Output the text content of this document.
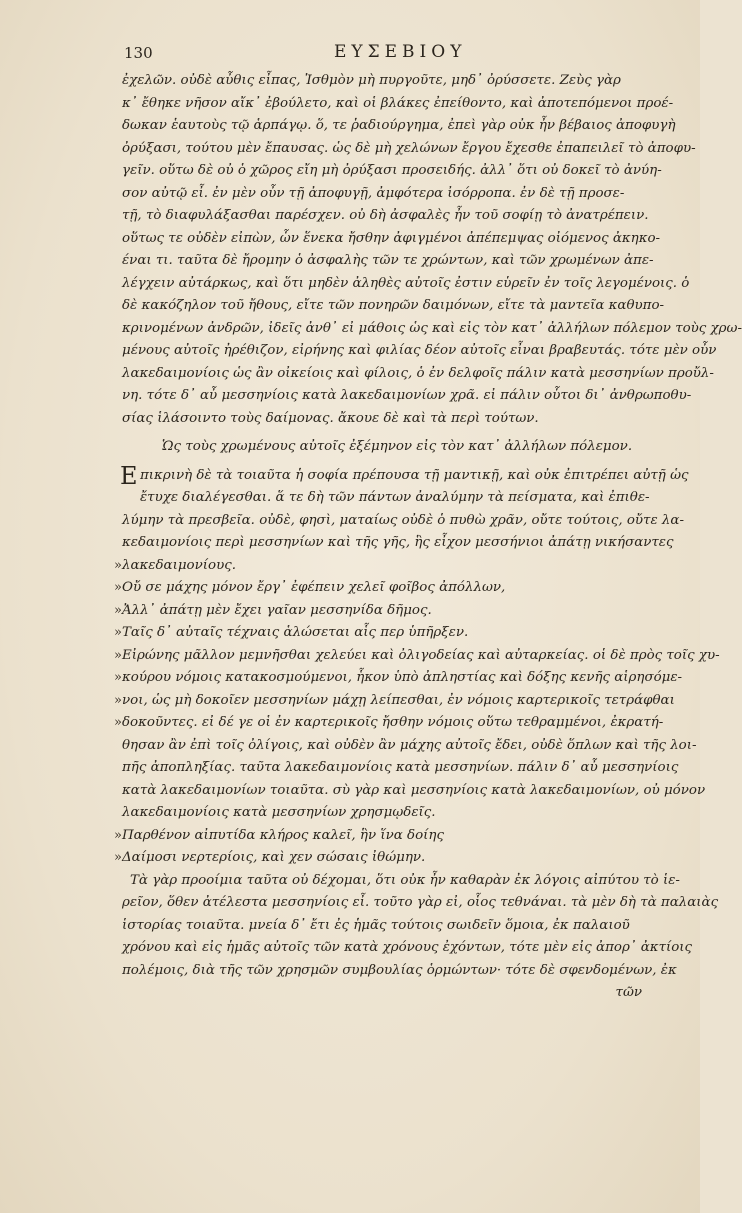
130	ΕΥΣΕΒΙΟΥ
ἐχελῶν. οὐδὲ αὖθις εἶπας, Ἰσθμὸν μὴ πυργοῦτε, μηδ᾽ ὀρύσσετε. Ζεὺς γὰρ
κ᾽ ἔθηκε νῆσον αἴκ᾽ ἐβούλετο, καὶ οἱ βλάκες ἐπείθοντο, καὶ ἀποτεπόμενοι προέ-
δωκαν ἑαυτοὺς τῷ ἁρπάγῳ. ὅ, τε ῥαδιούργημα, ἐπεὶ γὰρ οὐκ ἦν βέβαιος ἀποφυγὴ
ὀρύξασι, τούτου μὲν ἔπαυσας. ὡς δὲ μὴ χελώνων ἔργου ἔχεσθε ἐπαπειλεῖ τὸ ἀποφυ-
γεῖν. οὕτω δὲ οὐ ὁ χῶρος εἴη μὴ ὀρύξασι προσειδής. ἀλλ᾽ ὅτι οὐ δοκεῖ τὸ ἀνύη-
σον αὐτῷ εἶ. ἐν μὲν οὖν τῇ ἀποφυγῇ, ἀμφότερα ἰσόρροπα. ἐν δὲ τῇ προσε-
τῇ, τὸ διαφυλάξασθαι παρέσχεν. οὐ δὴ ἀσφαλὲς ἦν τοῦ σοφίῃ τὸ ἀνατρέπειν.
οὕτως τε οὐδὲν εἰπὼν, ὧν ἕνεκα ἤσθην ἀφιγμένοι ἀπέπεμψας οἰόμενος ἀκηκο-
έναι τι. ταῦτα δὲ ἤρομην ὁ ἀσφαλὴς τῶν τε χρώντων, καὶ τῶν χρωμένων ἀπε-
λέγχειν αὐτάρκως, καὶ ὅτι μηδὲν ἀληθὲς αὐτοῖς ἐστιν εὑρεῖν ἐν τοῖς λεγομένοις. ὁ
δὲ κακόζηλον τοῦ ἤθους, εἴτε τῶν πονηρῶν δαιμόνων, εἴτε τὰ μαντεῖα καθυπο-
κρινομένων ἀνδρῶν, ἰδεῖς ἀνθ᾽ εἰ μάθοις ὡς καὶ εἰς τὸν κατ᾽ ἀλλήλων πόλεμον τοὺς χρω-
μένους αὐτοῖς ἠρέθιζον, εἰρήνης καὶ φιλίας δέον αὐτοῖς εἶναι βραβευτάς. τότε μὲν οὖν
λακεδαιμονίοις ὡς ἂν οἰκείοις καὶ φίλοις, ὁ ἐν δελφοῖς πάλιν κατὰ μεσσηνίων προὔλ-
νη. τότε δ᾽ αὖ μεσσηνίοις κατὰ λακεδαιμονίων χρᾶ. εἰ πάλιν οὗτοι δι᾽ ἀνθρωποθυ-
σίας ἱλάσοιντο τοὺς δαίμονας. ἄκουε δὲ καὶ τὰ περὶ τούτων.
Ὡς τοὺς χρωμένους αὐτοῖς ἐξέμηνον εἰς τὸν κατ᾽ ἀλλήλων πόλεμον.
Ε πικρινὴ δὲ τὰ τοιαῦτα ἡ σοφία πρέπουσα τῇ μαντικῇ, καὶ οὐκ ἐπιτρέπει αὐτῇ ὡς
ἔτυχε διαλέγεσθαι. ἅ τε δὴ τῶν πάντων ἀναλύμην τὰ πείσματα, καὶ ἐπιθε-
λύμην τὰ πρεσβεῖα. οὐδὲ, φησὶ, ματαίως οὐδὲ ὁ πυθὼ χρᾶν, οὔτε τούτοις, οὔτε λα-
κεδαιμονίοις περὶ μεσσηνίων καὶ τῆς γῆς, ἣς εἶχον μεσσήνιοι ἀπάτῃ νικήσαντες
» λακεδαιμονίους.
» Οὔ σε μάχης μόνον ἔργ᾽ ἐφέπειν χελεῖ φοῖβος ἀπόλλων,
» Ἀλλ᾽ ἀπάτῃ μὲν ἔχει γαῖαν μεσσηνίδα δῆμος.
» Ταῖς δ᾽ αὐταῖς τέχναις ἁλώσεται αἷς περ ὑπῆρξεν.
» Εἰρώνης μᾶλλον μεμνῆσθαι χελεύει καὶ ὀλιγοδείας καὶ αὐταρκείας. οἱ δὲ πρὸς τοῖς χυ-
» κούρου νόμοις κατακοσμούμενοι, ἧκον ὑπὸ ἀπληστίας καὶ δόξης κενῆς αἱρησόμε-
» νοι, ὡς μὴ δοκοῖεν μεσσηνίων μάχῃ λείπεσθαι, ἐν νόμοις καρτερικοῖς τετράφθαι
» δοκοῦντες. εἰ δέ γε οἱ ἐν καρτερικοῖς ἤσθην νόμοις οὕτω τεθραμμένοι, ἐκρατή-
θησαν ἂν ἐπὶ τοῖς ὀλίγοις, καὶ οὐδὲν ἂν μάχης αὐτοῖς ἔδει, οὐδὲ ὅπλων καὶ τῆς λοι-
πῆς ἀποπληξίας. ταῦτα λακεδαιμονίοις κατὰ μεσσηνίων. πάλιν δ᾽ αὖ μεσσηνίοις
κατὰ λακεδαιμονίων τοιαῦτα. σὺ γὰρ καὶ μεσσηνίοις κατὰ λακεδαιμονίων, οὐ μόνον
λακεδαιμονίοις κατὰ μεσσηνίων χρησμῳδεῖς.
» Παρθένον αἰπυτίδα κλήρος καλεῖ, ἣν ἵνα δοίης
» Δαίμοσι νερτερίοις, καὶ χεν σώσαις ἰθώμην.
Τὰ γὰρ προοίμια ταῦτα οὐ δέχομαι, ὅτι οὐκ ἦν καθαρὰν ἐκ λόγοις αἰπύτου τὸ ἱε-
ρεῖον, ὅθεν ἀτέλεστα μεσσηνίοις εἶ. τοῦτο γὰρ εἰ, οἷος τεθνάναι. τὰ μὲν δὴ τὰ παλαιὰς
ἱστορίας τοιαῦτα. μνεία δ᾽ ἔτι ἐς ἡμᾶς τούτοις σωιδεῖν ὅμοια, ἐκ παλαιοῦ
χρόνου καὶ εἰς ἡμᾶς αὐτοῖς τῶν κατὰ χρόνους ἐχόντων, τότε μὲν εἰς ἀπορ᾽ ἀκτίοις
πολέμοις, διὰ τῆς τῶν χρησμῶν συμβουλίας ὁρμώντων· τότε δὲ σφενδομένων, ἐκ
τῶν
